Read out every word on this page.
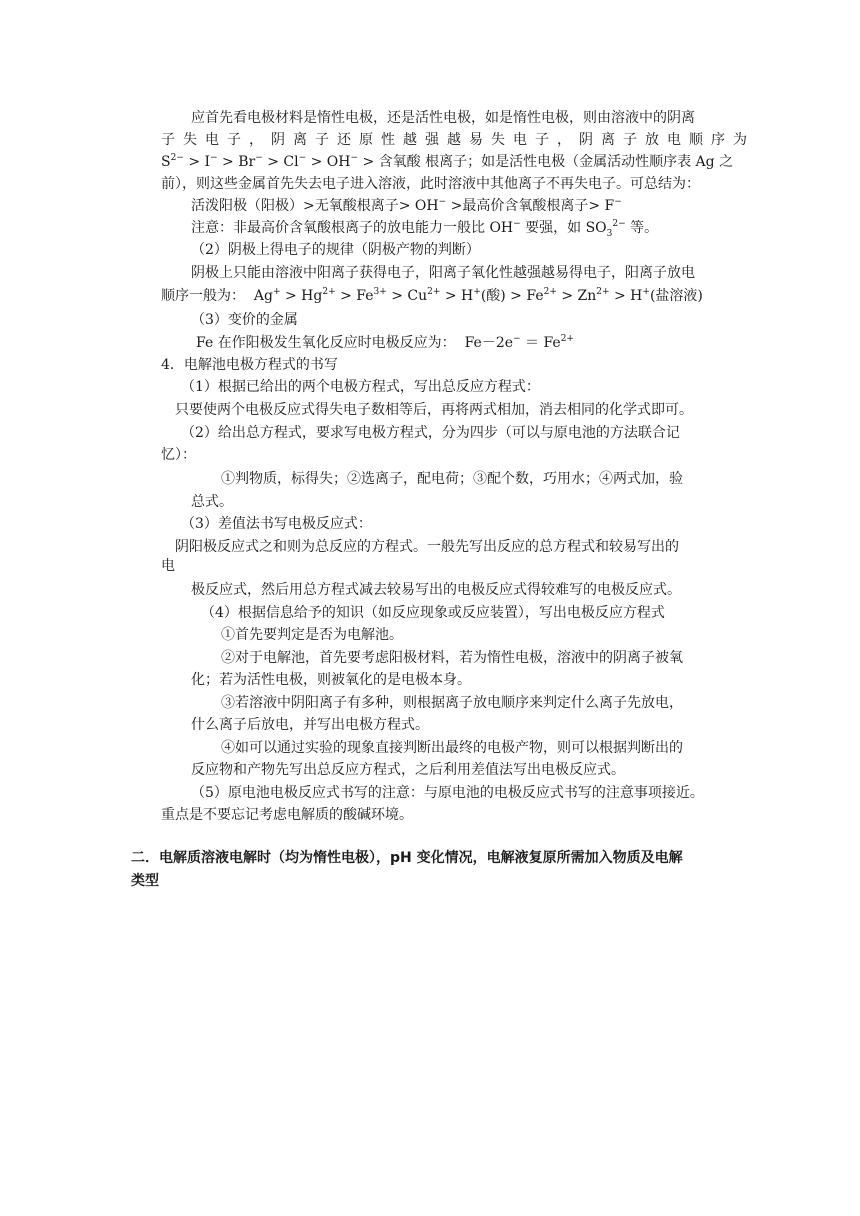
应首先看电极材料是惰性电极，还是活性电极，如是惰性电极，则由溶液中的阴离
子失电子，阴离子还原性越强越易失电子，阴离子放电顺序为
$S^{2-} > I^- > Br^- > Cl^- > OH^-$ > 含氧酸 根离子；如是活性电极（金属活动性顺序表 Ag 之
前），则这些金属首先失去电子进入溶液，此时溶液中其他离子不再失电子。可总结为：
活泼阳极（阳极）>无氧酸根离子> OH− >最高价含氧酸根离子> F−
注意：非最高价含氧酸根离子的放电能力一般比 OH− 要强，如 $SO_3^{2-}$ 等。
（2）阴极上得电子的规律（阴极产物的判断）
阴极上只能由溶液中阳离子获得电子，阳离子氧化性越强越易得电子，阳离子放电
顺序一般为：  $Ag^+ > Hg^{2+} > Fe^{3+} > Cu^{2+} > H^+$(酸) > $Fe^{2+} > Zn^{2+} > H^+$(盐溶液)
（3）变价的金属
Fe 在作阳极发生氧化反应时电极反应为：  $Fe-2e^- = Fe^{2+}$
4．电解池电极方程式的书写
（1）根据已给出的两个电极方程式，写出总反应方程式：
只要使两个电极反应式得失电子数相等后，再将两式相加，消去相同的化学式即可。
（2）给出总方程式，要求写电极方程式，分为四步（可以与原电池的方法联合记
忆）：
①判物质，标得失；②选离子，配电荷；③配个数，巧用水；④两式加，验
总式。
（3）差值法书写电极反应式：
阴阳极反应式之和则为总反应的方程式。一般先写出反应的总方程式和较易写出的
电
极反应式，然后用总方程式减去较易写出的电极反应式得较难写的电极反应式。
（4）根据信息给予的知识（如反应现象或反应装置），写出电极反应方程式
①首先要判定是否为电解池。
②对于电解池，首先要考虑阳极材料，若为惰性电极，溶液中的阴离子被氧
化；若为活性电极，则被氧化的是电极本身。
③若溶液中阴阳离子有多种，则根据离子放电顺序来判定什么离子先放电，
什么离子后放电，并写出电极方程式。
④如可以通过实验的现象直接判断出最终的电极产物，则可以根据判断出的
反应物和产物先写出总反应方程式，之后利用差值法写出电极反应式。
（5）原电池电极反应式书写的注意：与原电池的电极反应式书写的注意事项接近。
重点是不要忘记考虑电解质的酸碱环境。
二．电解质溶液电解时（均为惰性电极），pH 变化情况，电解液复原所需加入物质及电解
类型
